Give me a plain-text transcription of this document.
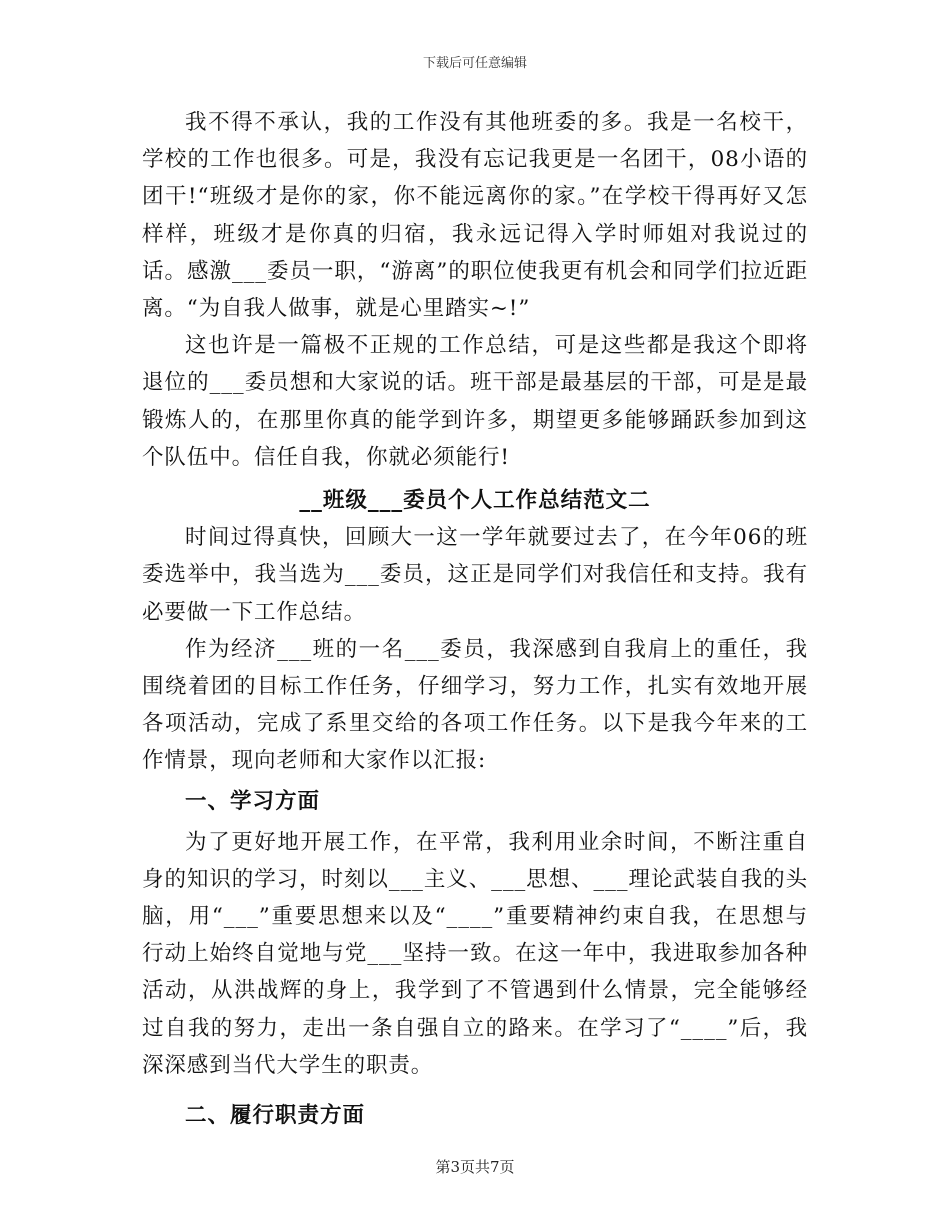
下载后可任意编辑

我不得不承认，我的工作没有其他班委的多。我是一名校干，学校的工作也很多。可是，我没有忘记我更是一名团干，08小语的团干!“班级才是你的家，你不能远离你的家。”在学校干得再好又怎样样，班级才是你真的归宿，我永远记得入学时师姐对我说过的话。感激___委员一职，“游离”的职位使我更有机会和同学们拉近距离。“为自我人做事，就是心里踏实~!”

这也许是一篇极不正规的工作总结，可是这些都是我这个即将退位的___委员想和大家说的话。班干部是最基层的干部，可是是最锻炼人的，在那里你真的能学到许多，期望更多能够踊跃参加到这个队伍中。信任自我，你就必须能行!

__班级___委员个人工作总结范文二

时间过得真快，回顾大一这一学年就要过去了，在今年06的班委选举中，我当选为___委员，这正是同学们对我信任和支持。我有必要做一下工作总结。

作为经济___班的一名___委员，我深感到自我肩上的重任，我围绕着团的目标工作任务，仔细学习，努力工作，扎实有效地开展各项活动，完成了系里交给的各项工作任务。以下是我今年来的工作情景，现向老师和大家作以汇报:

一、学习方面

为了更好地开展工作，在平常，我利用业余时间，不断注重自身的知识的学习，时刻以___主义、___思想、___理论武装自我的头脑，用“___”重要思想来以及“____”重要精神约束自我，在思想与行动上始终自觉地与党___坚持一致。在这一年中，我进取参加各种活动，从洪战辉的身上，我学到了不管遇到什么情景，完全能够经过自我的努力，走出一条自强自立的路来。在学习了“____”后，我深深感到当代大学生的职责。

二、履行职责方面
第3页共7页
